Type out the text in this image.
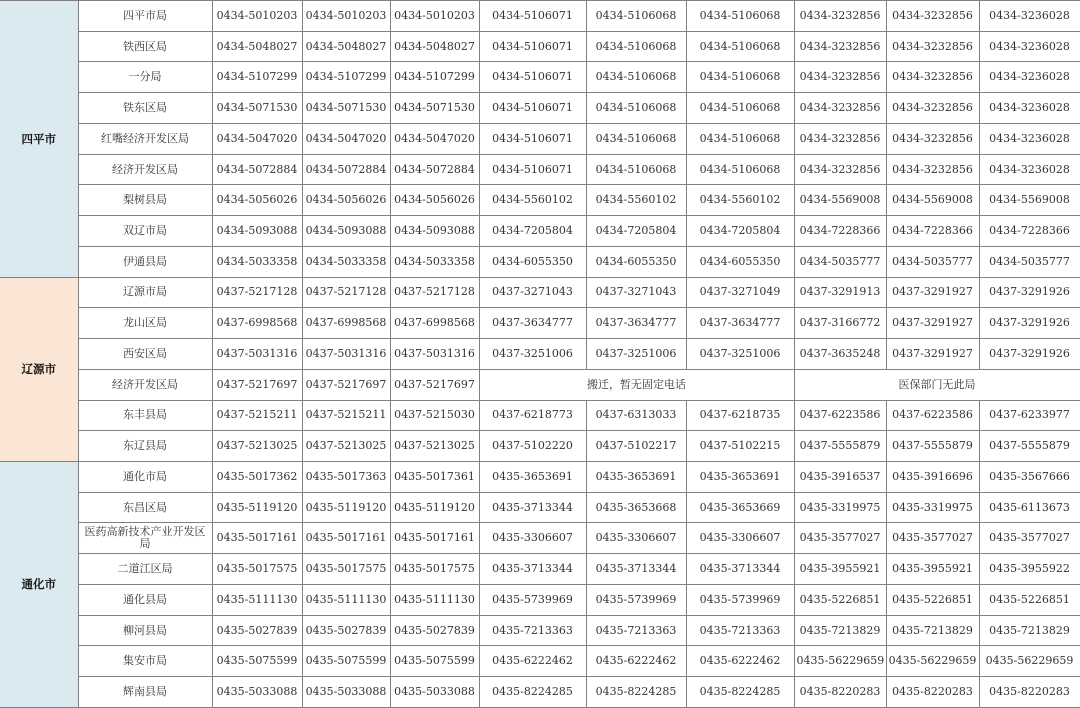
四平市	四平市局	0434-5010203	0434-5010203	0434-5010203	0434-5106071	0434-5106068	0434-5106068	0434-3232856	0434-3232856	0434-3236028
	铁西区局	0434-5048027	0434-5048027	0434-5048027	0434-5106071	0434-5106068	0434-5106068	0434-3232856	0434-3232856	0434-3236028
	一分局	0434-5107299	0434-5107299	0434-5107299	0434-5106071	0434-5106068	0434-5106068	0434-3232856	0434-3232856	0434-3236028
	铁东区局	0434-5071530	0434-5071530	0434-5071530	0434-5106071	0434-5106068	0434-5106068	0434-3232856	0434-3232856	0434-3236028
	红嘴经济开发区局	0434-5047020	0434-5047020	0434-5047020	0434-5106071	0434-5106068	0434-5106068	0434-3232856	0434-3232856	0434-3236028
	经济开发区局	0434-5072884	0434-5072884	0434-5072884	0434-5106071	0434-5106068	0434-5106068	0434-3232856	0434-3232856	0434-3236028
	梨树县局	0434-5056026	0434-5056026	0434-5056026	0434-5560102	0434-5560102	0434-5560102	0434-5569008	0434-5569008	0434-5569008
	双辽市局	0434-5093088	0434-5093088	0434-5093088	0434-7205804	0434-7205804	0434-7205804	0434-7228366	0434-7228366	0434-7228366
	伊通县局	0434-5033358	0434-5033358	0434-5033358	0434-6055350	0434-6055350	0434-6055350	0434-5035777	0434-5035777	0434-5035777
辽源市	辽源市局	0437-5217128	0437-5217128	0437-5217128	0437-3271043	0437-3271043	0437-3271049	0437-3291913	0437-3291927	0437-3291926
	龙山区局	0437-6998568	0437-6998568	0437-6998568	0437-3634777	0437-3634777	0437-3634777	0437-3166772	0437-3291927	0437-3291926
	西安区局	0437-5031316	0437-5031316	0437-5031316	0437-3251006	0437-3251006	0437-3251006	0437-3635248	0437-3291927	0437-3291926
	经济开发区局	0437-5217697	0437-5217697	0437-5217697	搬迁，暂无固定电话			医保部门无此局		
	东丰县局	0437-5215211	0437-5215211	0437-5215030	0437-6218773	0437-6313033	0437-6218735	0437-6223586	0437-6223586	0437-6233977
	东辽县局	0437-5213025	0437-5213025	0437-5213025	0437-5102220	0437-5102217	0437-5102215	0437-5555879	0437-5555879	0437-5555879
通化市	通化市局	0435-5017362	0435-5017363	0435-5017361	0435-3653691	0435-3653691	0435-3653691	0435-3916537	0435-3916696	0435-3567666
	东昌区局	0435-5119120	0435-5119120	0435-5119120	0435-3713344	0435-3653668	0435-3653669	0435-3319975	0435-3319975	0435-6113673
	医药高新技术产业开发区局	0435-5017161	0435-5017161	0435-5017161	0435-3306607	0435-3306607	0435-3306607	0435-3577027	0435-3577027	0435-3577027
	二道江区局	0435-5017575	0435-5017575	0435-5017575	0435-3713344	0435-3713344	0435-3713344	0435-3955921	0435-3955921	0435-3955922
	通化县局	0435-5111130	0435-5111130	0435-5111130	0435-5739969	0435-5739969	0435-5739969	0435-5226851	0435-5226851	0435-5226851
	柳河县局	0435-5027839	0435-5027839	0435-5027839	0435-7213363	0435-7213363	0435-7213363	0435-7213829	0435-7213829	0435-7213829
	集安市局	0435-5075599	0435-5075599	0435-5075599	0435-6222462	0435-6222462	0435-6222462	0435-56229659	0435-56229659	0435-56229659
	辉南县局	0435-5033088	0435-5033088	0435-5033088	0435-8224285	0435-8224285	0435-8224285	0435-8220283	0435-8220283	0435-8220283
